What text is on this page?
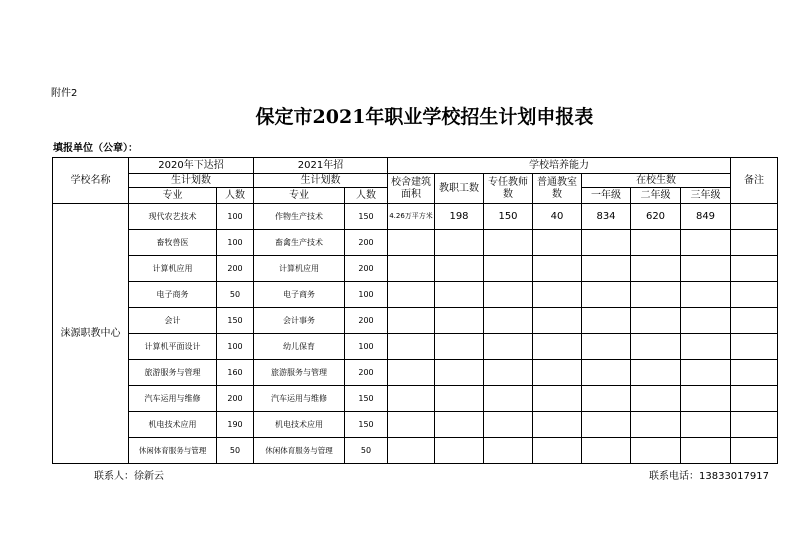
附件2
保定市2021年职业学校招生计划申报表
填报单位（公章）：
学校名称	2020年下达招		2021年招		学校培养能力							备注
	生计划数		生计划数		校舍建筑面积	教职工数	专任教师数	普通教室数	在校生数			
	专业	人数	专业	人数					一年级	二年级	三年级	
涞源职教中心	现代农艺技术	100	作物生产技术	150	4.26万平方米	198	150	40	834	620	849	
	畜牧兽医	100	畜禽生产技术	200								
	计算机应用	200	计算机应用	200								
	电子商务	50	电子商务	100								
	会计	150	会计事务	200								
	计算机平面设计	100	幼儿保育	100								
	旅游服务与管理	160	旅游服务与管理	200								
	汽车运用与维修	200	汽车运用与维修	150								
	机电技术应用	190	机电技术应用	150								
	休闲体育服务与管理	50	休闲体育服务与管理	50								
联系人：徐新云	联系电话：13833017917
